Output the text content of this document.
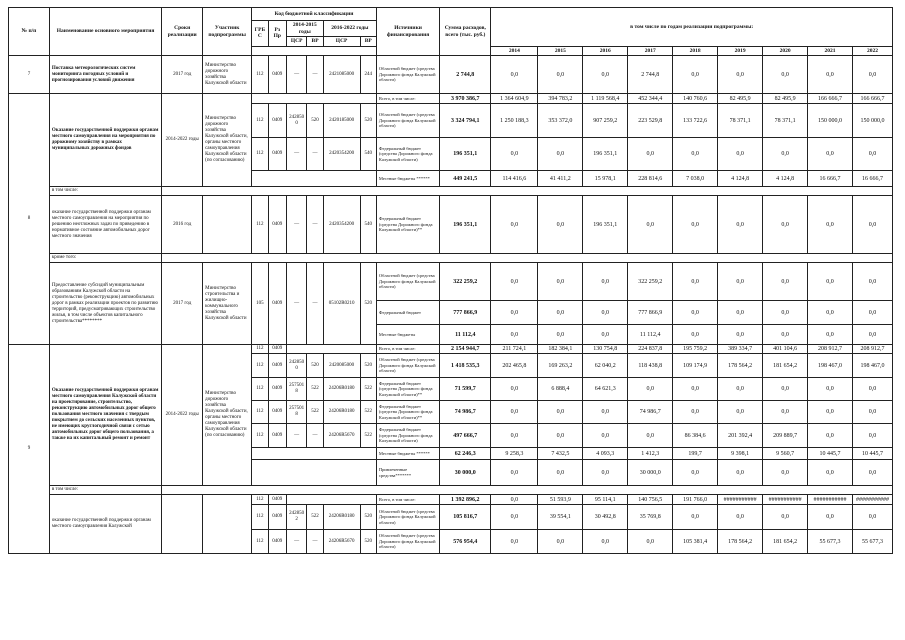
№ п/п	Наименование основного мероприятия	Сроки реализации	Участник подпрограммы	Код бюджетной классификации						Источники финансирования	Сумма расходов, всего (тыс. руб.)	в том числе по годам реализации подпрограммы:								
				ГРБС	Рз Пр	2014-2015 годы		2016-2022 годы												
						ЦСР	ВР	ЦСР	ВР											
												2014	2015	2016	2017	2018	2019	2020	2021	2022
7	Поставка метеорологических систем мониторинга погодных условий и прогнозирования условий движения	2017 год	Министерство дорожного хозяйства Калужской области	112	0409	—	—	2421085000	244	Областной бюджет (средства Дорожного фонда Калужской области)	2 744,8	0,0	0,0	0,0	2 744,8	0,0	0,0	0,0	0,0	0,0
8	Оказание государственной поддержки органам местного самоуправления на мероприятия по дорожному хозяйству в рамках муниципальных дорожных фондов	2014-2022 годы	Министерство дорожного хозяйства Калужской области, органы местного самоуправления Калужской области (по согласованию)							Всего, в том числе:	3 970 386,7	1 364 604,9	394 783,2	1 119 568,4	452 344,4	140 760,6	82 495,9	82 495,9	166 666,7	166 666,7
				112	0409	2428500	520	2420185000	520	Областной бюджет (средства Дорожного фонда Калужской области)	3 324 794,1	1 250 188,3	353 372,0	907 259,2	223 529,8	133 722,6	78 371,1	78 371,1	150 000,0	150 000,0
				112	0409	—	—	2420354200	540	Федеральный бюджет (средства Дорожного фонда Калужской области)	196 351,1	0,0	0,0	196 351,1	0,0	0,0	0,0	0,0	0,0	0,0
										Местные бюджеты ******	449 241,5	114 416,6	41 411,2	15 978,1	228 814,6	7 038,0	4 124,8	4 124,8	16 666,7	16 666,7
	в том числе:																			
	оказание государственной поддержки органам местного самоуправления на мероприятия по решению неотложных задач по приведению в нормативное состояние автомобильных дорог местного значения	2016 год		112	0409	—	—	2420354200	540	Федеральный бюджет (средства Дорожного фонда Калужской области)**	196 351,1	0,0	0,0	196 351,1	0,0	0,0	0,0	0,0	0,0	0,0
	кроме того:																			
	Предоставление субсидий муниципальным образованиям Калужской области на строительство (реконструкцию) автомобильных дорог в рамках реализации проектов по развитию территорий, предусматривающих строительство жилья, в том числе объектов капитального строительства********	2017 год	Министерство строительства и жилищно-коммунального хозяйства Калужской области	105	0409	—	—	05102R0210	520	Областной бюджет (средства Дорожного фонда Калужской области)	322 259,2	0,0	0,0	0,0	322 259,2	0,0	0,0	0,0	0,0	0,0
										Федеральный бюджет	777 866,9	0,0	0,0	0,0	777 866,9	0,0	0,0	0,0	0,0	0,0
										Местные бюджеты	11 112,4	0,0	0,0	0,0	11 112,4	0,0	0,0	0,0	0,0	0,0
9	Оказание государственной поддержки органам местного самоуправления Калужской области на проектирование, строительство, реконструкцию автомобильных дорог общего пользования местного значения с твердым покрытием до сельских населенных пунктов, не имеющих круглогодичной связи с сетью автомобильных дорог общего пользования, а также на их капитальный ремонт и ремонт	2014-2022 годы	Министерство дорожного хозяйства Калужской области, органы местного самоуправления Калужской области (по согласованию)	112	0409					Всего, в том числе:	2 154 944,7	211 724,1	182 384,1	130 754,8	224 837,8	195 759,2	389 334,7	401 104,6	208 912,7	208 912,7
				112	0409	2428500	520	2420085000	520	Областной бюджет (средства Дорожного фонда Калужской области)	1 418 535,3	202 465,8	169 263,2	62 040,2	118 438,8	109 174,9	178 564,2	181 654,2	198 467,0	198 467,0
				112	0409	2575018	522	24206R0180	522	Федеральный бюджет (средства Дорожного фонда Калужской области)**	71 599,7	0,0	6 888,4	64 621,3	0,0	0,0	0,0	0,0	0,0	0,0
				112	0409	2575018	522	24206R0180	522	Федеральный бюджет (средства Дорожного фонда Калужской области)**	74 986,7	0,0	0,0	0,0	74 986,7	0,0	0,0	0,0	0,0	0,0
				112	0409	—	—	24206R5670	522	Федеральный бюджет (средства Дорожного фонда Калужской области)	497 666,7	0,0	0,0	0,0	0,0	86 384,6	201 392,4	209 889,7	0,0	0,0
										Местные бюджеты ******	62 246,3	9 258,3	7 432,5	4 093,3	1 412,3	199,7	9 398,1	9 560,7	10 445,7	10 445,7
										Привлеченные средства*******	30 000,0	0,0	0,0	0,0	30 000,0	0,0	0,0	0,0	0,0	0,0
	в том числе:																			
	оказание государственной поддержки органам местного самоуправления Калужской			112	0409					Всего, в том числе:	1 392 896,2	0,0	51 593,9	95 114,1	140 756,5	191 766,0	###########	###########	###########	###########
				112	0409	2428502	522	24206R0180	520	Областной бюджет (средства Дорожного фонда Калужской области)	105 816,7	0,0	39 554,1	30 492,8	35 769,8	0,0	0,0	0,0	0,0	0,0
				112	0409	—	—	24206R5670	520	Областной бюджет (средства Дорожного фонда Калужской области)	576 954,4	0,0	0,0	0,0	0,0	105 381,4	178 564,2	181 654,2	55 677,3	55 677,3
